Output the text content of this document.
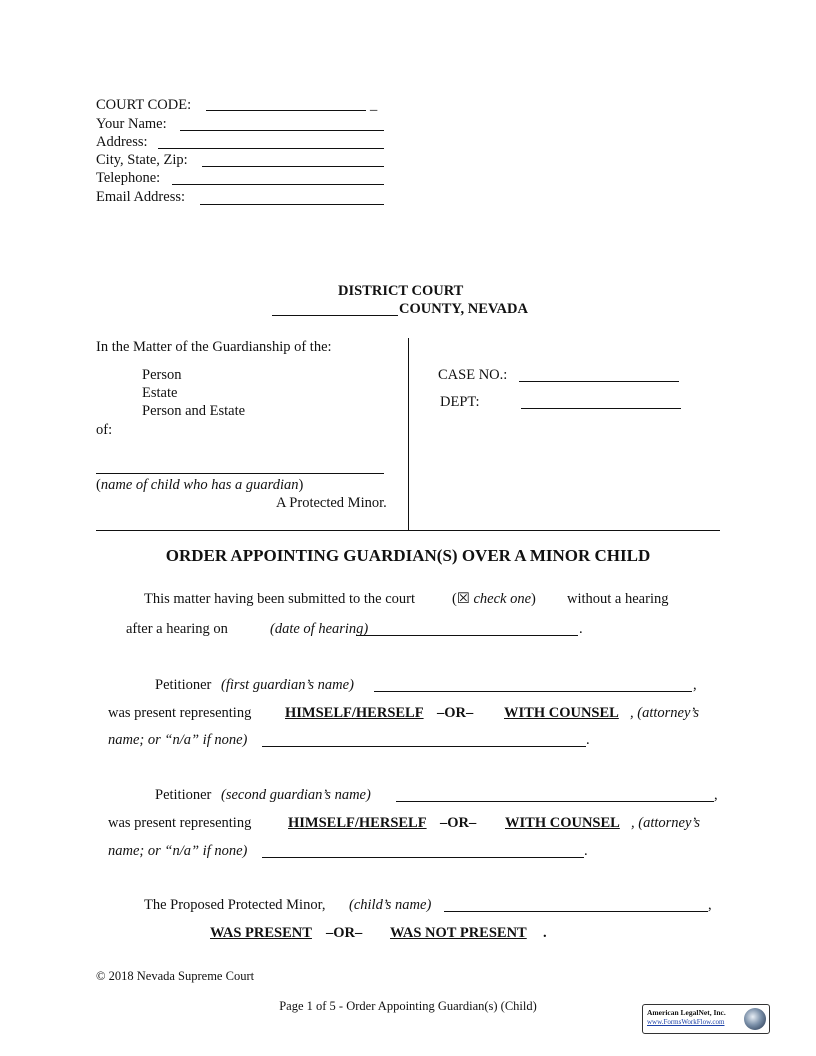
COURT CODE:	_
Your Name:
Address:
City, State, Zip:
Telephone:
Email Address:
DISTRICT COURT
COUNTY, NEVADA
In the Matter of the Guardianship of the:
Person
Estate
Person and Estate
of:
(name of child who has a guardian)
A Protected Minor.
CASE NO.:
DEPT:
ORDER APPOINTING GUARDIAN(S) OVER A MINOR CHILD
This matter having been submitted to the court	(☒ check one) without a hearing
after a hearing on	(date of hearing)	.
Petitioner (first guardian’s name)	,
was present representing HIMSELF/HERSELF –OR– WITH COUNSEL , (attorney’s
name; or “n/a” if none)	.
Petitioner (second guardian’s name)	,
was present representing	HIMSELF/HERSELF –OR– WITH COUNSEL , (attorney’s
name; or “n/a” if none)	.
The Proposed Protected Minor, (child’s name)	,
WAS PRESENT –OR– WAS NOT PRESENT .
© 2018 Nevada Supreme Court
Page 1 of 5 - Order Appointing Guardian(s) (Child)	American LegalNet, Inc.
www.FormsWorkFlow.com
